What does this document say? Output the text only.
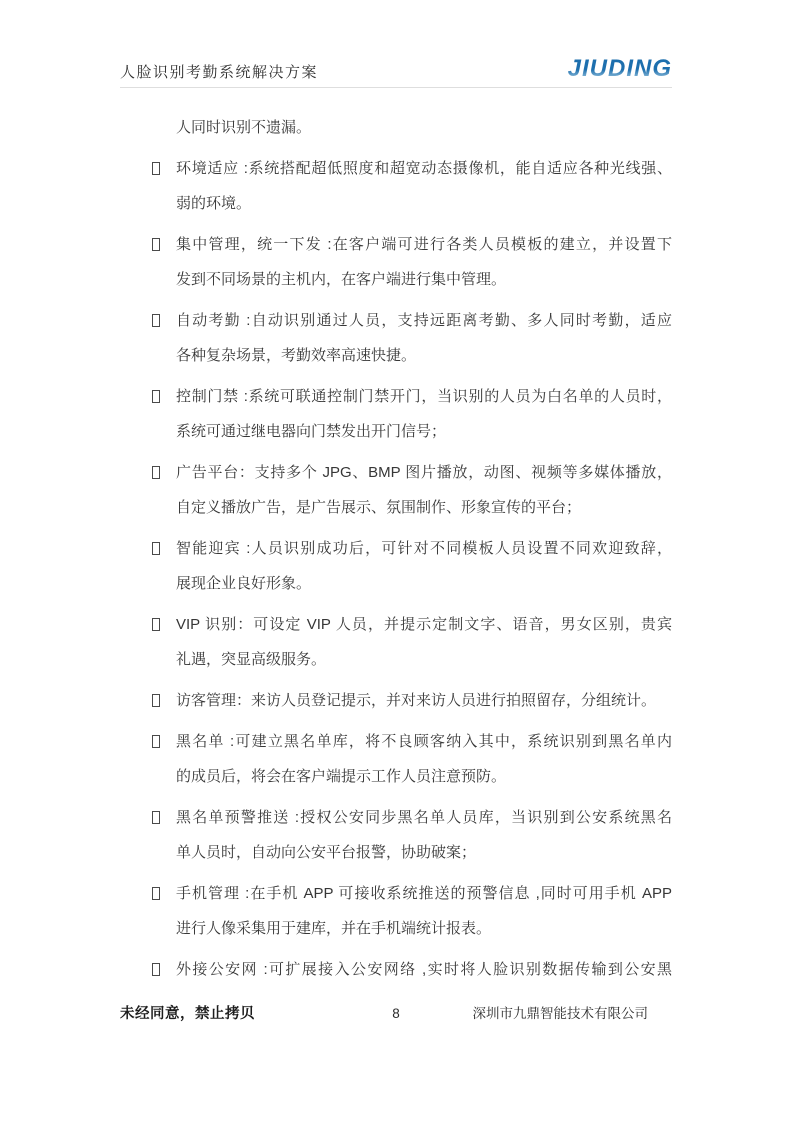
人脸识别考勤系统解决方案	JIUDING
人同时识别不遗漏。
环境适应 :系统搭配超低照度和超宽动态摄像机，能自适应各种光线强、
弱的环境。
集中管理，统一下发 :在客户端可进行各类人员模板的建立，并设置下
发到不同场景的主机内，在客户端进行集中管理。
自动考勤 :自动识别通过人员，支持远距离考勤、多人同时考勤，适应
各种复杂场景，考勤效率高速快捷。
控制门禁 :系统可联通控制门禁开门，当识别的人员为白名单的人员时，
系统可通过继电器向门禁发出开门信号；
广告平台：支持多个 JPG、BMP 图片播放，动图、视频等多媒体播放，
自定义播放广告，是广告展示、氛围制作、形象宣传的平台；
智能迎宾 :人员识别成功后，可针对不同模板人员设置不同欢迎致辞，
展现企业良好形象。
VIP 识别：可设定 VIP 人员，并提示定制文字、语音，男女区别，贵宾
礼遇，突显高级服务。
访客管理：来访人员登记提示，并对来访人员进行拍照留存，分组统计。
黑名单 :可建立黑名单库，将不良顾客纳入其中，系统识别到黑名单内
的成员后，将会在客户端提示工作人员注意预防。
黑名单预警推送 :授权公安同步黑名单人员库，当识别到公安系统黑名
单人员时，自动向公安平台报警，协助破案；
手机管理 :在手机 APP 可接收系统推送的预警信息 ,同时可用手机 APP
进行人像采集用于建库，并在手机端统计报表。
外接公安网 :可扩展接入公安网络 ,实时将人脸识别数据传输到公安黑
未经同意，禁止拷贝	8	深圳市九鼎智能技术有限公司
